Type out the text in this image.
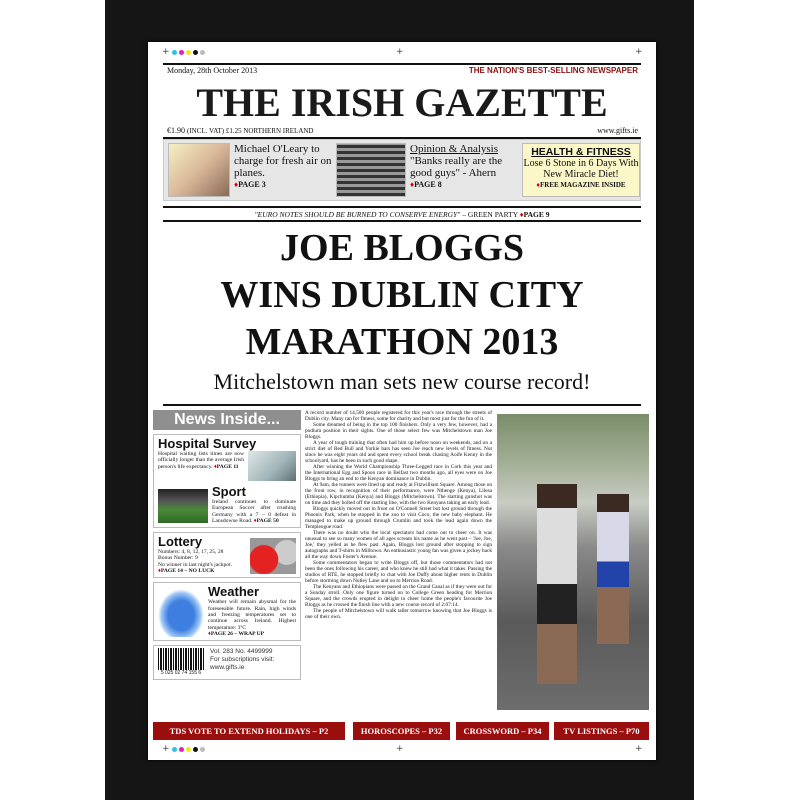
+	+	+
Monday, 28th October 2013	THE NATION'S BEST-SELLING NEWSPAPER
THE IRISH GAZETTE
€1.90 (INCL. VAT) £1.25 NORTHERN IRELAND	www.gifts.ie
Michael O'Leary to charge for fresh air on planes.
♦PAGE 3
Opinion & Analysis
"Banks really are the good guys" - Ahern
♦PAGE 8
HEALTH & FITNESS
Lose 6 Stone in 6 Days With New Miracle Diet!
♦FREE MAGAZINE INSIDE
"EURO NOTES SHOULD BE BURNED TO CONSERVE ENERGY" – GREEN PARTY ♦PAGE 9
JOE BLOGGS
WINS DUBLIN CITY
MARATHON 2013
Mitchelstown man sets new course record!
News Inside...
Hospital Survey

Hospital waiting lists times are now officially longer than the average Irish person's life expectancy. ♦PAGE 11

Sport

Ireland continues to dominate European Soccer after crushing Germany with a 7 – 0 defeat in Lansdowne Road. ♦PAGE 50

Lottery

Numbers: 4, 8, 12, 17, 25, 28

Bonus Number: 9

No winner in last night's jackpot.

♦PAGE 14 – NO LUCK

Weather

Weather will remain abysmal for the foreseeable future. Rain, high winds and freezing temperatures set to continue across Ireland. Highest temperature: 3ºC

♦PAGE 26 – WRAP UP

5 025 02 74 155 6
Vol. 283 No. 4499999
For subscriptions visit:
www.gifts.ie

A record number of 14,500 people registered for this year's race through the streets of Dublin city. Many ran for fitness, some for charity and but most just for the fun of it.

Some dreamed of being in the top 100 finishers. Only a very few, however, had a podium position in their sights. One of those select few was Mitchelstown man Joe Bloggs.

A year of tough training that often had him up before noon on weekends, and on a strict diet of Red Bull and Yorkie bars has seen Joe reach new levels of fitness. Not since he was eight years old and spent every school break chasing Aoife Kenny in the schoolyard, has he been in such good shape.

After winning the World Championship Three-Legged race in Cork this year and the International Egg and Spoon race in Belfast two months ago, all eyes were on Joe Bloggs to bring an end to the Kenyan dominance in Dublin.

At 9am, the runners were lined up and ready at Fitzwilliam Square. Among those on the front row, in recognition of their performance, were Nthenge (Kenya), Lilesa (Ethiopia), Kipchumba (Kenya) and Bloggs (Mitchelstown). The starting gunshot was on time and they bolted off the starting line, with the two Kenyans taking an early lead.

Bloggs quickly moved out in front on O'Connell Street but lost ground through the Phoenix Park, when he stopped in the zoo to visit Coco, the new baby elephant. He managed to make up ground through Crumlin and took the lead again down the Templeogue road.

There was no doubt who the local spectators had come out to cheer on. It was unusual to see so many women of all ages scream his name as he went past – 'Joe, Joe, Joe,' they yelled as he flew past. Again, Bloggs lost ground after stopping to sign autographs and T-shirts in Milltown. An enthusiastic young fan was given a jockey back all the way down Foster's Avenue.

Some commentators began to write Bloggs off, but those commentators had not been the ones following his career, and who knew he still had what it takes. Passing the studios of RTE, he stopped briefly to chat with Joe Duffy about higher rents in Dublin before storming down Nutley Lane and on to Merrion Road.

The Kenyans and Ethiopians were passed on the Grand Canal as if they were out for a Sunday stroll. Only one figure turned on to College Green heading for Merrion Square, and the crowds erupted in delight to cheer home the people's favourite Joe Bloggs as he crossed the finish line with a new course record of 2:07:14.

The people of Mitchelstown will walk taller tomorrow knowing that Joe Bloggs is one of their own.

TDS VOTE TO EXTEND HOLIDAYS – P2	HOROSCOPES – P32	CROSSWORD – P34	TV LISTINGS – P70
+	+	+
